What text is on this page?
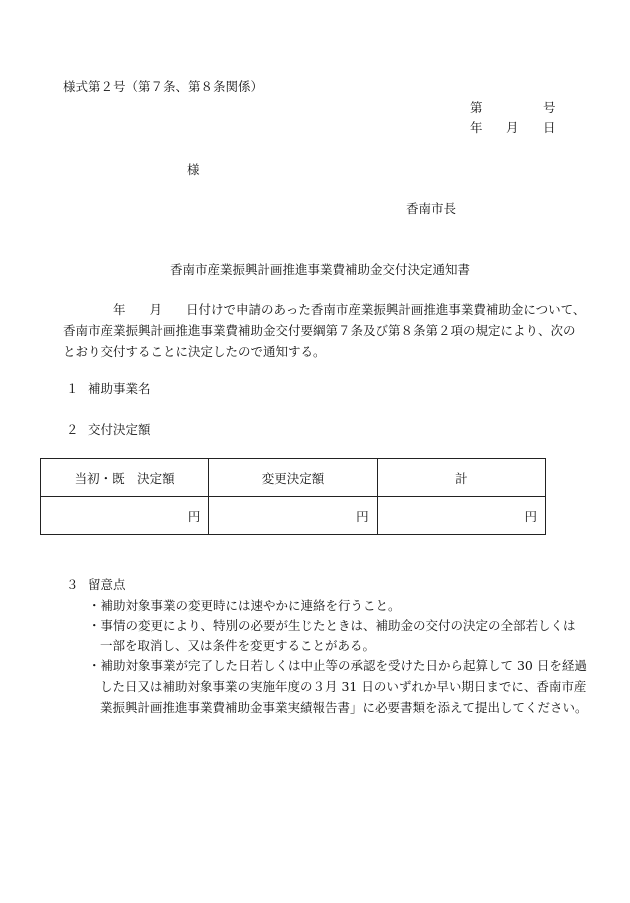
様式第２号（第７条、第８条関係）
第	号
年 月 日
様
香南市長
香南市産業振興計画推進事業費補助金交付決定通知書
年 月 日付けで申請のあった香南市産業振興計画推進事業費補助金について、
香南市産業振興計画推進事業費補助金交付要綱第７条及び第８条第２項の規定により、次の
とおり交付することに決定したので通知する。
１ 補助事業名
２ 交付決定額
当初・既　決定額	変更決定額	計
円	円	円
３ 留意点
・補助対象事業の変更時には速やかに連絡を行うこと。
・事情の変更により、特別の必要が生じたときは、補助金の交付の決定の全部若しくは
一部を取消し、又は条件を変更することがある。
・補助対象事業が完了した日若しくは中止等の承認を受けた日から起算して 30 日を経過
した日又は補助対象事業の実施年度の３月 31 日のいずれか早い期日までに、香南市産
業振興計画推進事業費補助金事業実績報告書」に必要書類を添えて提出してください。
